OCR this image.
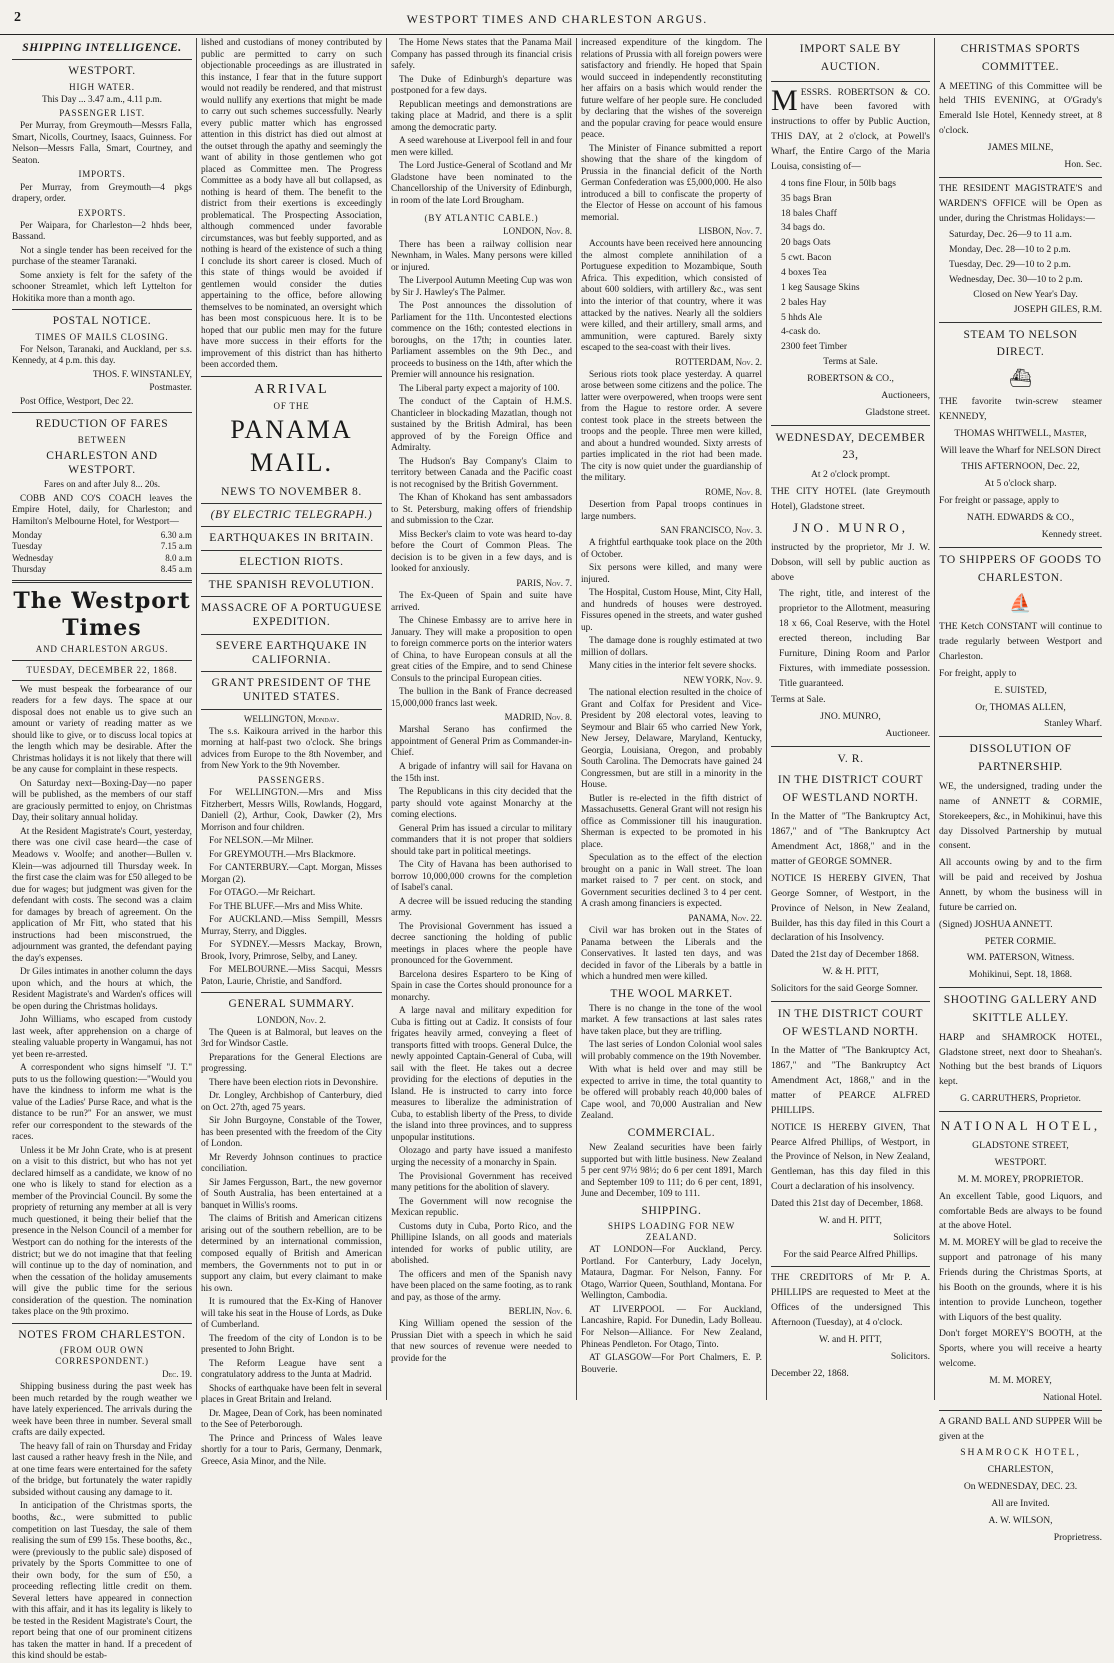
2	WESTPORT TIMES AND CHARLESTON ARGUS.
SHIPPING INTELLIGENCE.
WESTPORT.
HIGH WATER.

This Day ... 3.47 a.m., 4.11 p.m.

PASSENGER LIST.

Per Murray, from Greymouth—Messrs Falla, Smart, Nicolls, Courtney, Isaacs, Guinness. For Nelson—Messrs Falla, Smart, Courtney, and Seaton.

IMPORTS.

Per Murray, from Greymouth—4 pkgs drapery, order.

EXPORTS.

Per Waipara, for Charleston—2 hhds beer, Bassand.

Not a single tender has been received for the purchase of the steamer Taranaki.

Some anxiety is felt for the safety of the schooner Streamlet, which left Lyttelton for Hokitika more than a month ago.

POSTAL NOTICE.
TIMES OF MAILS CLOSING.

For Nelson, Taranaki, and Auckland, per s.s. Kennedy, at 4 p.m. this day.

THOS. F. WINSTANLEY,

Postmaster.

Post Office, Westport, Dec 22.

REDUCTION OF FARES
BETWEEN
CHARLESTON AND WESTPORT.

Fares on and after July 8... 20s.

COBB AND CO'S COACH leaves the Empire Hotel, daily, for Charleston; and Hamilton's Melbourne Hotel, for Westport—

Monday	6.30 a.m
Tuesday	7.15 a.m
Wednesday	8.0 a.m
Thursday	8.45 a.m
The Westport Times
AND CHARLESTON ARGUS.
TUESDAY, DECEMBER 22, 1868.

We must bespeak the forbearance of our readers for a few days. The space at our disposal does not enable us to give such an amount or variety of reading matter as we should like to give, or to discuss local topics at the length which may be desirable. After the Christmas holidays it is not likely that there will be any cause for complaint in these respects.

On Saturday next—Boxing-Day—no paper will be published, as the members of our staff are graciously permitted to enjoy, on Christmas Day, their solitary annual holiday.

At the Resident Magistrate's Court, yesterday, there was one civil case heard—the case of Meadows v. Woolfe; and another—Bullen v. Klein—was adjourned till Thursday week. In the first case the claim was for £50 alleged to be due for wages; but judgment was given for the defendant with costs. The second was a claim for damages by breach of agreement. On the application of Mr Fitt, who stated that his instructions had been misconstrued, the adjournment was granted, the defendant paying the day's expenses.

Dr Giles intimates in another column the days upon which, and the hours at which, the Resident Magistrate's and Warden's offices will be open during the Christmas holidays.

John Williams, who escaped from custody last week, after apprehension on a charge of stealing valuable property in Wangamui, has not yet been re-arrested.

A correspondent who signs himself "J. T." puts to us the following question:—"Would you have the kindness to inform me what is the value of the Ladies' Purse Race, and what is the distance to be run?" For an answer, we must refer our correspondent to the stewards of the races.

Unless it be Mr John Crate, who is at present on a visit to this district, but who has not yet declared himself as a candidate, we know of no one who is likely to stand for election as a member of the Provincial Council. By some the propriety of returning any member at all is very much questioned, it being their belief that the presence in the Nelson Council of a member for Westport can do nothing for the interests of the district; but we do not imagine that that feeling will continue up to the day of nomination, and when the cessation of the holiday amusements will give the public time for the serious consideration of the question. The nomination takes place on the 9th proximo.

NOTES FROM CHARLESTON.
(FROM OUR OWN CORRESPONDENT.)
Dec. 19.

Shipping business during the past week has been much retarded by the rough weather we have lately experienced. The arrivals during the week have been three in number. Several small crafts are daily expected.

The heavy fall of rain on Thursday and Friday last caused a rather heavy fresh in the Nile, and at one time fears were entertained for the safety of the bridge, but fortunately the water rapidly subsided without causing any damage to it.

In anticipation of the Christmas sports, the booths, &c., were submitted to public competition on last Tuesday, the sale of them realising the sum of £99 15s. These booths, &c., were (previously to the public sale) disposed of privately by the Sports Committee to one of their own body, for the sum of £50, a proceeding reflecting little credit on them. Several letters have appeared in connection with this affair, and it has its legality is likely to be tested in the Resident Magistrate's Court, the report being that one of our prominent citizens has taken the matter in hand. If a precedent of this kind should be estab-

lished and custodians of money contributed by public are permitted to carry on such objectionable proceedings as are illustrated in this instance, I fear that in the future support would not readily be rendered, and that mistrust would nullify any exertions that might be made to carry out such schemes successfully. Nearly every public matter which has engrossed attention in this district has died out almost at the outset through the apathy and seemingly the want of ability in those gentlemen who got placed as Committee men. The Progress Committee as a body have all but collapsed, as nothing is heard of them. The benefit to the district from their exertions is exceedingly problematical. The Prospecting Association, although commenced under favorable circumstances, was but feebly supported, and as nothing is heard of the existence of such a thing I conclude its short career is closed. Much of this state of things would be avoided if gentlemen would consider the duties appertaining to the office, before allowing themselves to be nominated, an oversight which has been most conspicuous here. It is to be hoped that our public men may for the future have more success in their efforts for the improvement of this district than has hitherto been accorded them.

ARRIVAL
OF THE
PANAMA MAIL.
NEWS TO NOVEMBER 8.
(BY ELECTRIC TELEGRAPH.)
EARTHQUAKES IN BRITAIN.
ELECTION RIOTS.
THE SPANISH REVOLUTION.
MASSACRE OF A PORTUGUESE EXPEDITION.
SEVERE EARTHQUAKE IN CALIFORNIA.
GRANT PRESIDENT OF THE UNITED STATES.
WELLINGTON, Monday.

The s.s. Kaikoura arrived in the harbor this morning at half-past two o'clock. She brings advices from Europe to the 8th November, and from New York to the 9th November.

PASSENGERS.

For WELLINGTON.—Mrs and Miss Fitzherbert, Messrs Wills, Rowlands, Hoggard, Daniell (2), Arthur, Cook, Dawker (2), Mrs Morrison and four children.

For NELSON.—Mr Milner.

For GREYMOUTH.—Mrs Blackmore.

For CANTERBURY.—Capt. Morgan, Misses Morgan (2).

For OTAGO.—Mr Reichart.

For THE BLUFF.—Mrs and Miss White.

For AUCKLAND.—Miss Sempill, Messrs Murray, Sterry, and Diggles.

For SYDNEY.—Messrs Mackay, Brown, Brook, Ivory, Primrose, Selby, and Laney.

For MELBOURNE.—Miss Sacqui, Messrs Paton, Laurie, Christie, and Sandford.

GENERAL SUMMARY.
LONDON, Nov. 2.

The Queen is at Balmoral, but leaves on the 3rd for Windsor Castle.

Preparations for the General Elections are progressing.

There have been election riots in Devonshire.

Dr. Longley, Archbishop of Canterbury, died on Oct. 27th, aged 75 years.

Sir John Burgoyne, Constable of the Tower, has been presented with the freedom of the City of London.

Mr Reverdy Johnson continues to practice conciliation.

Sir James Fergusson, Bart., the new governor of South Australia, has been entertained at a banquet in Willis's rooms.

The claims of British and American citizens arising out of the southern rebellion, are to be determined by an international commission, composed equally of British and American members, the Governments not to put in or support any claim, but every claimant to make his own.

It is rumoured that the Ex-King of Hanover will take his seat in the House of Lords, as Duke of Cumberland.

The freedom of the city of London is to be presented to John Bright.

The Reform League have sent a congratulatory address to the Junta at Madrid.

Shocks of earthquake have been felt in several places in Great Britain and Ireland.

Dr. Magee, Dean of Cork, has been nominated to the See of Peterborough.

The Prince and Princess of Wales leave shortly for a tour to Paris, Germany, Denmark, Greece, Asia Minor, and the Nile.

The Home News states that the Panama Mail Company has passed through its financial crisis safely.

The Duke of Edinburgh's departure was postponed for a few days.

Republican meetings and demonstrations are taking place at Madrid, and there is a split among the democratic party.

A seed warehouse at Liverpool fell in and four men were killed.

The Lord Justice-General of Scotland and Mr Gladstone have been nominated to the Chancellorship of the University of Edinburgh, in room of the late Lord Brougham.

(BY ATLANTIC CABLE.)
LONDON, Nov. 8.

There has been a railway collision near Newnham, in Wales. Many persons were killed or injured.

The Liverpool Autumn Meeting Cup was won by Sir J. Hawley's The Palmer.

The Post announces the dissolution of Parliament for the 11th. Uncontested elections commence on the 16th; contested elections in boroughs, on the 17th; in counties later. Parliament assembles on the 9th Dec., and proceeds to business on the 14th, after which the Premier will announce his resignation.

The Liberal party expect a majority of 100.

The conduct of the Captain of H.M.S. Chanticleer in blockading Mazatlan, though not sustained by the British Admiral, has been approved of by the Foreign Office and Admiralty.

The Hudson's Bay Company's Claim to territory between Canada and the Pacific coast is not recognised by the British Government.

The Khan of Khokand has sent ambassadors to St. Petersburg, making offers of friendship and submission to the Czar.

Miss Becker's claim to vote was heard to-day before the Court of Common Pleas. The decision is to be given in a few days, and is looked for anxiously.

PARIS, Nov. 7.

The Ex-Queen of Spain and suite have arrived.

The Chinese Embassy are to arrive here in January. They will make a proposition to open to foreign commerce ports on the interior waters of China, to have European consuls at all the great cities of the Empire, and to send Chinese Consuls to the principal European cities.

The bullion in the Bank of France decreased 15,000,000 francs last week.

MADRID, Nov. 8.

Marshal Serano has confirmed the appointment of General Prim as Commander-in-Chief.

A brigade of infantry will sail for Havana on the 15th inst.

The Republicans in this city decided that the party should vote against Monarchy at the coming elections.

General Prim has issued a circular to military commanders that it is not proper that soldiers should take part in political meetings.

The City of Havana has been authorised to borrow 10,000,000 crowns for the completion of Isabel's canal.

A decree will be issued reducing the standing army.

The Provisional Government has issued a decree sanctioning the holding of public meetings in places where the people have pronounced for the Government.

Barcelona desires Espartero to be King of Spain in case the Cortes should pronounce for a monarchy.

A large naval and military expedition for Cuba is fitting out at Cadiz. It consists of four frigates heavily armed, conveying a fleet of transports fitted with troops. General Dulce, the newly appointed Captain-General of Cuba, will sail with the fleet. He takes out a decree providing for the elections of deputies in the Island. He is instructed to carry into force measures to liberalize the administration of Cuba, to establish liberty of the Press, to divide the island into three provinces, and to suppress unpopular institutions.

Olozago and party have issued a manifesto urging the necessity of a monarchy in Spain.

The Provisional Government has received many petitions for the abolition of slavery.

The Government will now recognise the Mexican republic.

Customs duty in Cuba, Porto Rico, and the Phillipine Islands, on all goods and materials intended for works of public utility, are abolished.

The officers and men of the Spanish navy have been placed on the same footing, as to rank and pay, as those of the army.

BERLIN, Nov. 6.

King William opened the session of the Prussian Diet with a speech in which he said that new sources of revenue were needed to provide for the

increased expenditure of the kingdom. The relations of Prussia with all foreign powers were satisfactory and friendly. He hoped that Spain would succeed in independently reconstituting her affairs on a basis which would render the future welfare of her people sure. He concluded by declaring that the wishes of the sovereign and the popular craving for peace would ensure peace.

The Minister of Finance submitted a report showing that the share of the kingdom of Prussia in the financial deficit of the North German Confederation was £5,000,000. He also introduced a bill to confiscate the property of the Elector of Hesse on account of his famous memorial.

LISBON, Nov. 7.

Accounts have been received here announcing the almost complete annihilation of a Portuguese expedition to Mozambique, South Africa. This expedition, which consisted of about 600 soldiers, with artillery &c., was sent into the interior of that country, where it was attacked by the natives. Nearly all the soldiers were killed, and their artillery, small arms, and ammunition, were captured. Barely sixty escaped to the sea-coast with their lives.

ROTTERDAM, Nov. 2.

Serious riots took place yesterday. A quarrel arose between some citizens and the police. The latter were overpowered, when troops were sent from the Hague to restore order. A severe contest took place in the streets between the troops and the people. Three men were killed, and about a hundred wounded. Sixty arrests of parties implicated in the riot had been made. The city is now quiet under the guardianship of the military.

ROME, Nov. 8.

Desertion from Papal troops continues in large numbers.

SAN FRANCISCO, Nov. 3.

A frightful earthquake took place on the 20th of October.

Six persons were killed, and many were injured.

The Hospital, Custom House, Mint, City Hall, and hundreds of houses were destroyed. Fissures opened in the streets, and water gushed up.

The damage done is roughly estimated at two million of dollars.

Many cities in the interior felt severe shocks.

NEW YORK, Nov. 9.

The national election resulted in the choice of Grant and Colfax for President and Vice-President by 208 electoral votes, leaving to Seymour and Blair 65 who carried New York, New Jersey, Delaware, Maryland, Kentucky, Georgia, Louisiana, Oregon, and probably South Carolina. The Democrats have gained 24 Congressmen, but are still in a minority in the House.

Butler is re-elected in the fifth district of Massachusetts. General Grant will not resign his office as Commissioner till his inauguration. Sherman is expected to be promoted in his place.

Speculation as to the effect of the election brought on a panic in Wall street. The loan market raised to 7 per cent. on stock, and Government securities declined 3 to 4 per cent. A crash among financiers is expected.

PANAMA, Nov. 22.

Civil war has broken out in the States of Panama between the Liberals and the Conservatives. It lasted ten days, and was decided in favor of the Liberals by a battle in which a hundred men were killed.

THE WOOL MARKET.

There is no change in the tone of the wool market. A few transactions at last sales rates have taken place, but they are trifling.

The last series of London Colonial wool sales will probably commence on the 19th November.

With what is held over and may still be expected to arrive in time, the total quantity to be offered will probably reach 40,000 bales of Cape wool, and 70,000 Australian and New Zealand.

COMMERCIAL.

New Zealand securities have been fairly supported but with little business. New Zealand 5 per cent 97½ 98½; do 6 per cent 1891, March and September 109 to 111; do 6 per cent, 1891, June and December, 109 to 111.

SHIPPING.
SHIPS LOADING FOR NEW ZEALAND.

AT LONDON—For Auckland, Percy. Portland. For Canterbury, Lady Jocelyn, Mataura, Dagmar. For Nelson, Fanny. For Otago, Warrior Queen, Southland, Montana. For Wellington, Cambodia.

AT LIVERPOOL — For Auckland, Lancashire, Rapid. For Dunedin, Lady Bolleau. For Nelson—Alliance. For New Zealand, Phineas Pendleton. For Otago, Tinto.

AT GLASGOW—For Port Chalmers, E. P. Bouverie.

IMPORT SALE BY AUCTION.

MESSRS. ROBERTSON & CO. have been favored with instructions to offer by Public Auction, THIS DAY, at 2 o'clock, at Powell's Wharf, the Entire Cargo of the Maria Louisa, consisting of—

4 tons fine Flour, in 50lb bags
35 bags Bran
18 bales Chaff
34 bags do.
20 bags Oats
5 cwt. Bacon
4 boxes Tea
1 keg Sausage Skins
2 bales Hay
5 hhds Ale
4-cask do.
2300 feet Timber

Terms at Sale.

ROBERTSON & CO.,

Auctioneers,

Gladstone street.

WEDNESDAY, DECEMBER 23,

At 2 o'clock prompt.

THE CITY HOTEL (late Greymouth Hotel), Gladstone street.

JNO. MUNRO,

instructed by the proprietor, Mr J. W. Dobson, will sell by public auction as above

The right, title, and interest of the proprietor to the Allotment, measuring 18 x 66, Coal Reserve, with the Hotel erected thereon, including Bar Furniture, Dining Room and Parlor Fixtures, with immediate possession. Title guaranteed.

Terms at Sale.

JNO. MUNRO,

Auctioneer.

V. R.
IN THE DISTRICT COURT OF WESTLAND NORTH.

In the Matter of "The Bankruptcy Act, 1867," and of "The Bankruptcy Act Amendment Act, 1868," and in the matter of GEORGE SOMNER.

NOTICE IS HEREBY GIVEN, That George Somner, of Westport, in the Province of Nelson, in New Zealand, Builder, has this day filed in this Court a declaration of his Insolvency.

Dated the 21st day of December 1868.

W. & H. PITT,

Solicitors for the said George Somner.

IN THE DISTRICT COURT OF WESTLAND NORTH.

In the Matter of "The Bankruptcy Act, 1867," and "The Bankruptcy Act Amendment Act, 1868," and in the matter of PEARCE ALFRED PHILLIPS.

NOTICE IS HEREBY GIVEN, That Pearce Alfred Phillips, of Westport, in the Province of Nelson, in New Zealand, Gentleman, has this day filed in this Court a declaration of his insolvency.

Dated this 21st day of December, 1868.

W. and H. PITT,

Solicitors

For the said Pearce Alfred Phillips.

THE CREDITORS of Mr P. A. PHILLIPS are requested to Meet at the Offices of the undersigned This Afternoon (Tuesday), at 4 o'clock.

W. and H. PITT,

Solicitors.

December 22, 1868.

CHRISTMAS SPORTS COMMITTEE.

A MEETING of this Committee will be held THIS EVENING, at O'Grady's Emerald Isle Hotel, Kennedy street, at 8 o'clock.

JAMES MILNE,

Hon. Sec.

THE RESIDENT MAGISTRATE'S and WARDEN'S OFFICE will be Open as under, during the Christmas Holidays:—

Saturday, Dec. 26—9 to 11 a.m.
Monday, Dec. 28—10 to 2 p.m.
Tuesday, Dec. 29—10 to 2 p.m.
Wednesday, Dec. 30—10 to 2 p.m.
Closed on New Year's Day.

JOSEPH GILES, R.M.

STEAM TO NELSON DIRECT.
⛴

THE favorite twin-screw steamer KENNEDY,

THOMAS WHITWELL, Master,

Will leave the Wharf for NELSON Direct

THIS AFTERNOON, Dec. 22,

At 5 o'clock sharp.

For freight or passage, apply to

NATH. EDWARDS & CO.,

Kennedy street.

TO SHIPPERS OF GOODS TO CHARLESTON.
⛵

THE Ketch CONSTANT will continue to trade regularly between Westport and Charleston.

For freight, apply to

E. SUISTED,

Or, THOMAS ALLEN,

Stanley Wharf.

DISSOLUTION OF PARTNERSHIP.

WE, the undersigned, trading under the name of ANNETT & CORMIE, Storekeepers, &c., in Mohikinui, have this day Dissolved Partnership by mutual consent.

All accounts owing by and to the firm will be paid and received by Joshua Annett, by whom the business will in future be carried on.

(Signed) JOSHUA ANNETT.

PETER CORMIE.

WM. PATERSON, Witness.

Mohikinui, Sept. 18, 1868.

SHOOTING GALLERY AND SKITTLE ALLEY.

HARP and SHAMROCK HOTEL, Gladstone street, next door to Sheahan's. Nothing but the best brands of Liquors kept.

G. CARRUTHERS, Proprietor.

NATIONAL HOTEL,

GLADSTONE STREET,

WESTPORT.

M. M. MOREY, PROPRIETOR.

An excellent Table, good Liquors, and comfortable Beds are always to be found at the above Hotel.

M. M. MOREY will be glad to receive the support and patronage of his many Friends during the Christmas Sports, at his Booth on the grounds, where it is his intention to provide Luncheon, together with Liquors of the best quality.

Don't forget MOREY'S BOOTH, at the Sports, where you will receive a hearty welcome.

M. M. MOREY,

National Hotel.

A GRAND BALL AND SUPPER Will be given at the

SHAMROCK HOTEL,

CHARLESTON,

On WEDNESDAY, DEC. 23.

All are Invited.

A. W. WILSON,

Proprietress.
